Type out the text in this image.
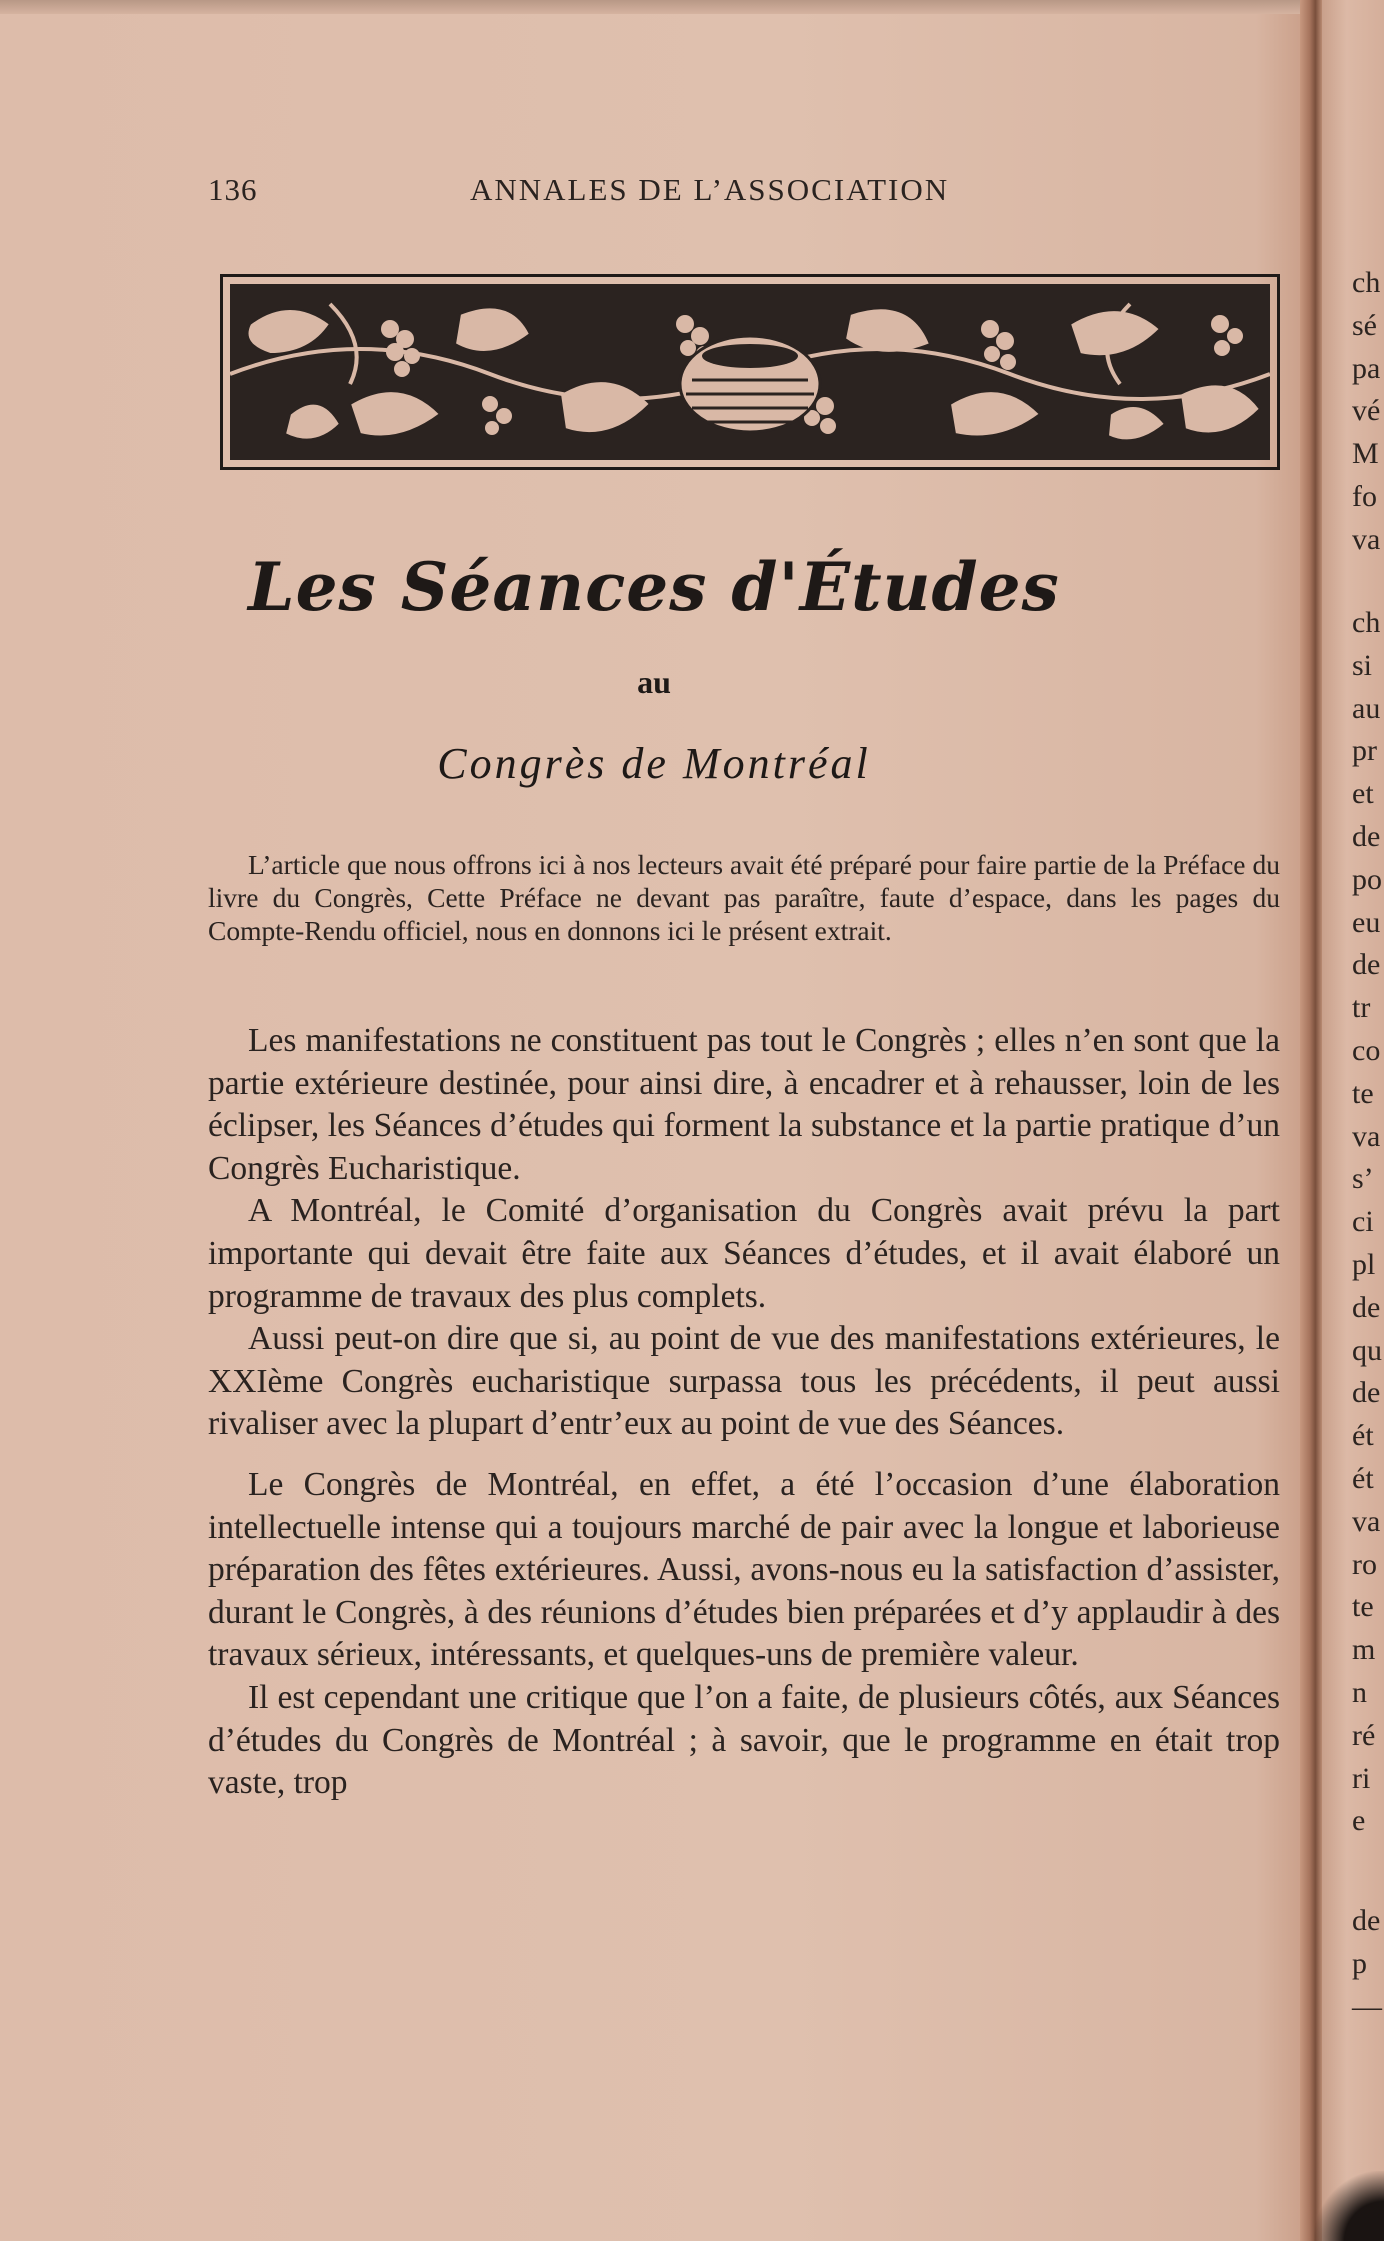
136	ANNALES DE L’ASSOCIATION
Les Séances d'Études
au
Congrès de Montréal

L’article que nous offrons ici à nos lecteurs avait été préparé pour faire partie de la Préface du livre du Congrès, Cette Préface ne devant pas paraître, faute d’espace, dans les pages du Compte-Rendu officiel, nous en donnons ici le présent extrait.

Les manifestations ne constituent pas tout le Congrès ; elles n’en sont que la partie extérieure destinée, pour ainsi dire, à encadrer et à rehausser, loin de les éclipser, les Séances d’études qui forment la substance et la partie pratique d’un Congrès Eucharistique.

A Montréal, le Comité d’organisation du Congrès avait prévu la part importante qui devait être faite aux Séances d’études, et il avait élaboré un programme de travaux des plus complets.

Aussi peut-on dire que si, au point de vue des manifestations extérieures, le XXIème Congrès eucharistique surpassa tous les précédents, il peut aussi rivaliser avec la plupart d’entr’eux au point de vue des Séances.

Le Congrès de Montréal, en effet, a été l’occasion d’une élaboration intellectuelle intense qui a toujours marché de pair avec la longue et laborieuse préparation des fêtes extérieures. Aussi, avons-nous eu la satisfaction d’assister, durant le Congrès, à des réunions d’études bien préparées et d’y applaudir à des travaux sérieux, intéressants, et quelques-uns de première valeur.

Il est cependant une critique que l’on a faite, de plusieurs côtés, aux Séances d’études du Congrès de Montréal ; à savoir, que le programme en était trop vaste, trop

ch
sé
pa
vé
M
fo
va
ch
si
au
pr
et
de
po
eu
de
tr
co
te
va
s’
ci
pl
de
qu
de
ét
ét
va
ro
te
m
n
ré
ri
e
de
p
—
